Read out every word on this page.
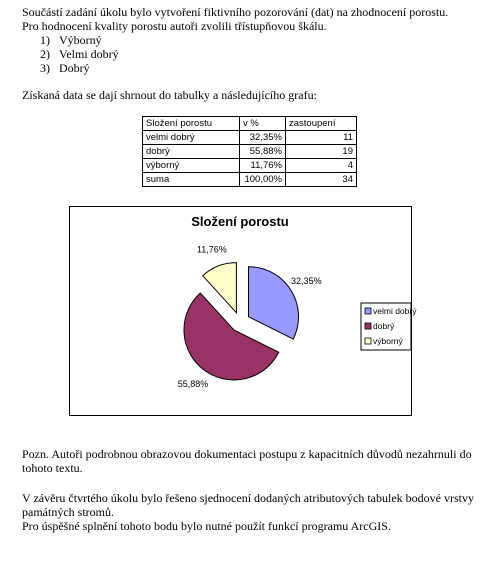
Součástí zadání úkolu bylo vytvoření fiktivního pozorování (dat) na zhodnocení porostu.
Pro hodnocení kvality porostu autoři zvolili třístupňovou škálu.
1) Výborný
2) Velmi dobrý
3) Dobrý
Získaná data se dají shrnout do tabulky a následujícího grafu:
Složení porostu	v %	zastoupení
velmi dobrý	32,35%	11
dobrý	55,88%	19
výborný	11,76%	4
suma	100,00%	34
Složení porostu
32,35%
55,88%
11,76%
velmi dobrý
dobrý
výborný
Pozn. Autoři podrobnou obrazovou dokumentaci postupu z kapacitních důvodů nezahrnuli do
tohoto textu.
V závěru čtvrtého úkolu bylo řešeno sjednocení dodaných atributových tabulek bodové vrstvy
památných stromů.
Pro úspěšné splnění tohoto bodu bylo nutné použít funkcí programu ArcGIS.
